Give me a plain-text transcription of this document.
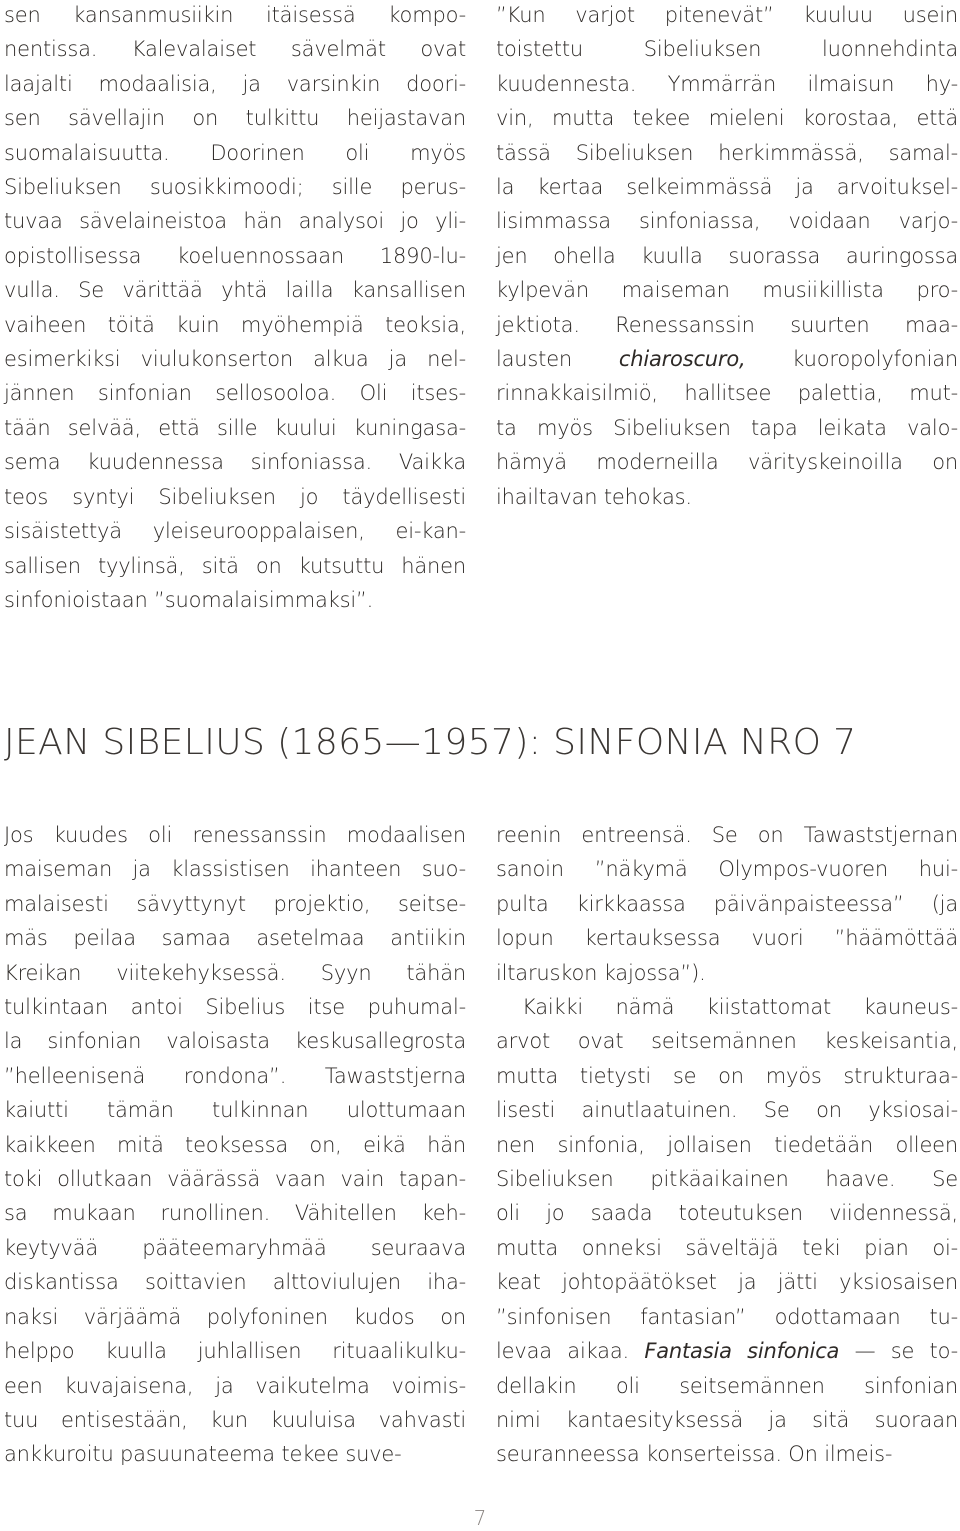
sen kansanmusiikin itäisessä kompo-
nentissa. Kalevalaiset sävelmät ovat
laajalti modaalisia, ja varsinkin doori-
sen sävellajin on tulkittu heijastavan
suomalaisuutta. Doorinen oli myös
Sibeliuksen suosikkimoodi; sille perus-
tuvaa sävelaineistoa hän analysoi jo yli-
opistollisessa koeluennossaan 1890-lu-
vulla. Se värittää yhtä lailla kansallisen
vaiheen töitä kuin myöhempiä teoksia,
esimerkiksi viulukonserton alkua ja nel-
jännen sinfonian sellosooloa. Oli itses-
tään selvää, että sille kuului kuningasa-
sema kuudennessa sinfoniassa. Vaikka
teos syntyi Sibeliuksen jo täydellisesti
sisäistettyä yleiseurooppalaisen, ei-kan-
sallisen tyylinsä, sitä on kutsuttu hänen
sinfonioistaan ”suomalaisimmaksi”.
”Kun varjot pitenevät” kuuluu usein
toistettu Sibeliuksen luonnehdinta
kuudennesta. Ymmärrän ilmaisun hy-
vin, mutta tekee mieleni korostaa, että
tässä Sibeliuksen herkimmässä, samal-
la kertaa selkeimmässä ja arvoituksel-
lisimmassa sinfoniassa, voidaan varjo-
jen ohella kuulla suorassa auringossa
kylpevän maiseman musiikillista pro-
jektiota. Renessanssin suurten maa-
lausten chiaroscuro, kuoropolyfonian
rinnakkaisilmiö, hallitsee palettia, mut-
ta myös Sibeliuksen tapa leikata valo-
hämyä moderneilla värityskeinoilla on
ihailtavan tehokas.
JEAN SIBELIUS (1865—1957): SINFONIA NRO 7
Jos kuudes oli renessanssin modaalisen
maiseman ja klassistisen ihanteen suo-
malaisesti sävyttynyt projektio, seitse-
mäs peilaa samaa asetelmaa antiikin
Kreikan viitekehyksessä. Syyn tähän
tulkintaan antoi Sibelius itse puhumal-
la sinfonian valoisasta keskusallegrosta
”helleenisenä rondona”. Tawaststjerna
kaiutti tämän tulkinnan ulottumaan
kaikkeen mitä teoksessa on, eikä hän
toki ollutkaan väärässä vaan vain tapan-
sa mukaan runollinen. Vähitellen keh-
keytyvää pääteemaryhmää seuraava
diskantissa soittavien alttoviulujen iha-
naksi värjäämä polyfoninen kudos on
helppo kuulla juhlallisen rituaalikulku-
een kuvajaisena, ja vaikutelma voimis-
tuu entisestään, kun kuuluisa vahvasti
ankkuroitu pasuunateema tekee suve-
reenin entreensä. Se on Tawaststjernan
sanoin ”näkymä Olympos-vuoren hui-
pulta kirkkaassa päivänpaisteessa” (ja
lopun kertauksessa vuori ”häämöttää
iltaruskon kajossa”).
Kaikki nämä kiistattomat kauneus-
arvot ovat seitsemännen keskeisantia,
mutta tietysti se on myös strukturaa-
lisesti ainutlaatuinen. Se on yksiosai-
nen sinfonia, jollaisen tiedetään olleen
Sibeliuksen pitkäaikainen haave. Se
oli jo saada toteutuksen viidennessä,
mutta onneksi säveltäjä teki pian oi-
keat johtopäätökset ja jätti yksiosaisen
”sinfonisen fantasian” odottamaan tu-
levaa aikaa. Fantasia sinfonica — se to-
dellakin oli seitsemännen sinfonian
nimi kantaesityksessä ja sitä suoraan
seuranneessa konserteissa. On ilmeis-
7
